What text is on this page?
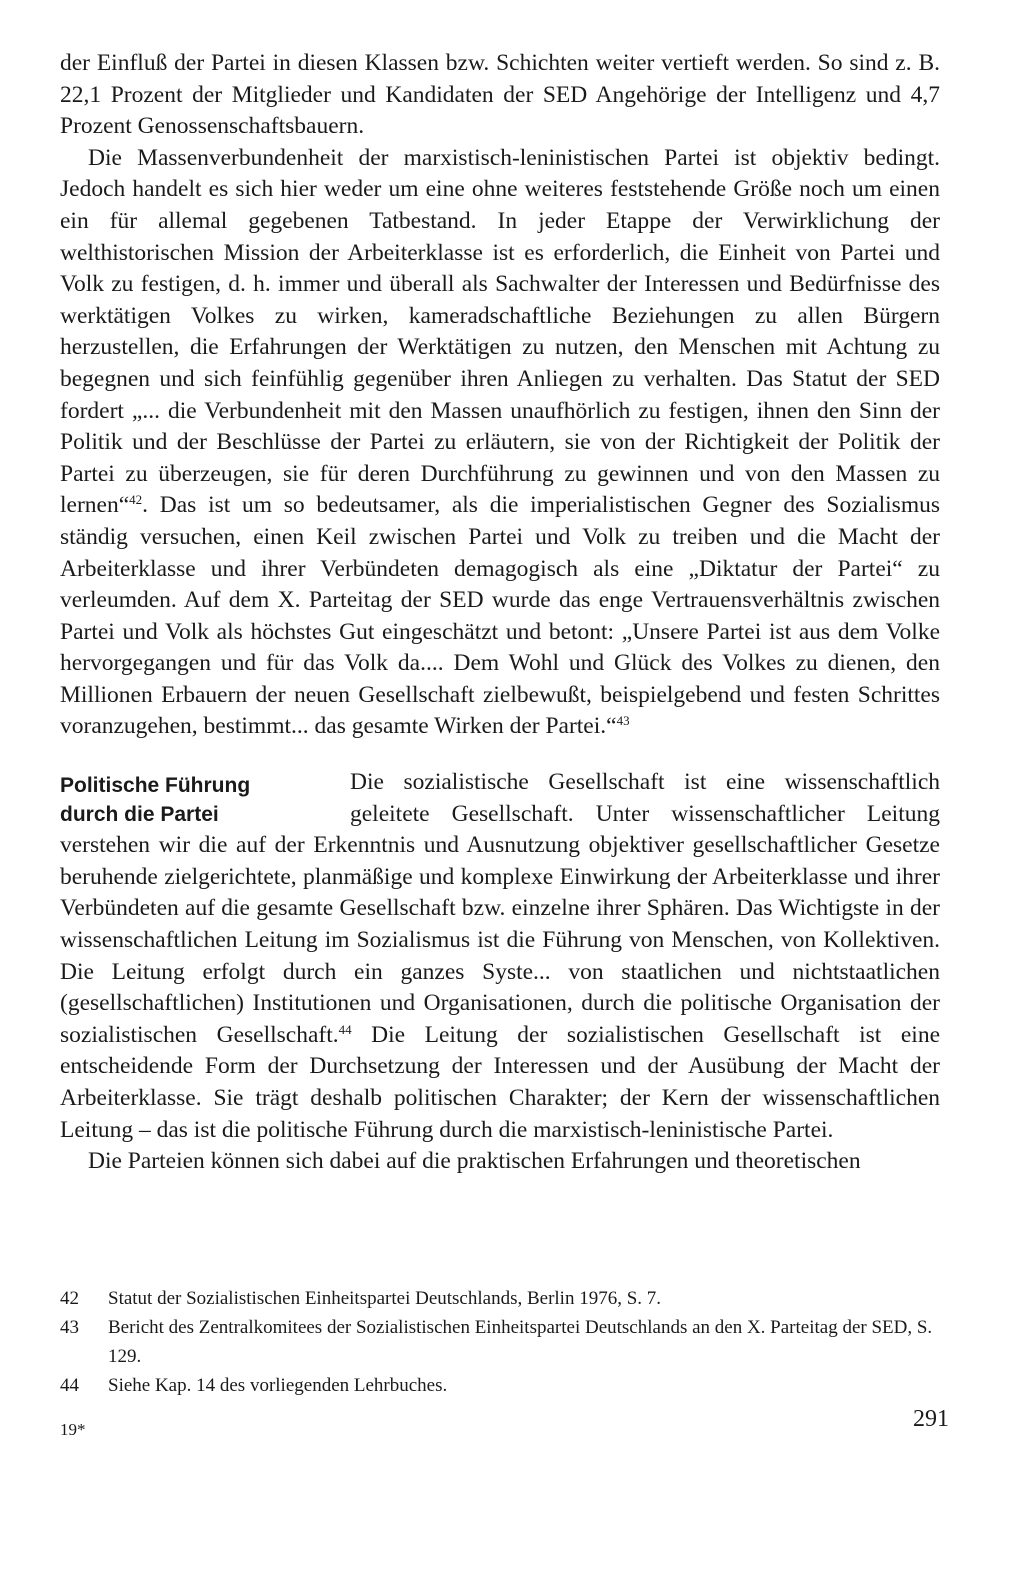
der Einfluß der Partei in diesen Klassen bzw. Schichten weiter vertieft werden. So sind z. B. 22,1 Prozent der Mitglieder und Kandidaten der SED Angehörige der Intelligenz und 4,7 Prozent Genossenschaftsbauern.

Die Massenverbundenheit der marxistisch-leninistischen Partei ist objektiv bedingt. Jedoch handelt es sich hier weder um eine ohne weiteres feststehende Größe noch um einen ein für allemal gegebenen Tatbestand. In jeder Etappe der Verwirklichung der welthistorischen Mission der Arbeiterklasse ist es erforderlich, die Einheit von Partei und Volk zu festigen, d. h. immer und überall als Sachwalter der Interessen und Bedürfnisse des werktätigen Volkes zu wirken, kameradschaftliche Beziehungen zu allen Bürgern herzustellen, die Erfahrungen der Werktätigen zu nutzen, den Menschen mit Achtung zu begegnen und sich feinfühlig gegenüber ihren Anliegen zu verhalten. Das Statut der SED fordert „... die Verbundenheit mit den Massen unaufhörlich zu festigen, ihnen den Sinn der Politik und der Beschlüsse der Partei zu erläutern, sie von der Richtigkeit der Politik der Partei zu überzeugen, sie für deren Durchführung zu gewinnen und von den Massen zu lernen“$^{42}$. Das ist um so bedeutsamer, als die imperialistischen Gegner des Sozialismus ständig versuchen, einen Keil zwischen Partei und Volk zu treiben und die Macht der Arbeiterklasse und ihrer Verbündeten demagogisch als eine „Diktatur der Partei“ zu verleumden. Auf dem X. Parteitag der SED wurde das enge Vertrauensverhältnis zwischen Partei und Volk als höchstes Gut eingeschätzt und betont: „Unsere Partei ist aus dem Volke hervorgegangen und für das Volk da.... Dem Wohl und Glück des Volkes zu dienen, den Millionen Erbauern der neuen Gesellschaft zielbewußt, beispielgebend und festen Schrittes voranzugehen, bestimmt... das gesamte Wirken der Partei.“$^{43}$

Politische Führung
durch die Partei

Die sozialistische Gesellschaft ist eine wissenschaftlich geleitete Gesellschaft. Unter wissenschaftlicher Leitung verstehen wir die auf der Erkenntnis und Ausnutzung objektiver gesellschaftlicher Gesetze beruhende zielgerichtete, planmäßige und komplexe Einwirkung der Arbeiterklasse und ihrer Verbündeten auf die gesamte Gesellschaft bzw. einzelne ihrer Sphären. Das Wichtigste in der wissenschaftlichen Leitung im Sozialismus ist die Führung von Menschen, von Kollektiven. Die Leitung erfolgt durch ein ganzes Syste... von staatlichen und nichtstaatlichen (gesellschaftlichen) Institutionen und Organisationen, durch die politische Organisation der sozialistischen Gesellschaft.$^{44}$ Die Leitung der sozialistischen Gesellschaft ist eine entscheidende Form der Durchsetzung der Interessen und der Ausübung der Macht der Arbeiterklasse. Sie trägt deshalb politischen Charakter; der Kern der wissenschaftlichen Leitung – das ist die politische Führung durch die marxistisch-leninistische Partei.

Die Parteien können sich dabei auf die praktischen Erfahrungen und theoretischen

42 Statut der Sozialistischen Einheitspartei Deutschlands, Berlin 1976, S. 7.
43 Bericht des Zentralkomitees der Sozialistischen Einheitspartei Deutschlands an den X. Parteitag der SED, S. 129.
44 Siehe Kap. 14 des vorliegenden Lehrbuches.
19*	291
